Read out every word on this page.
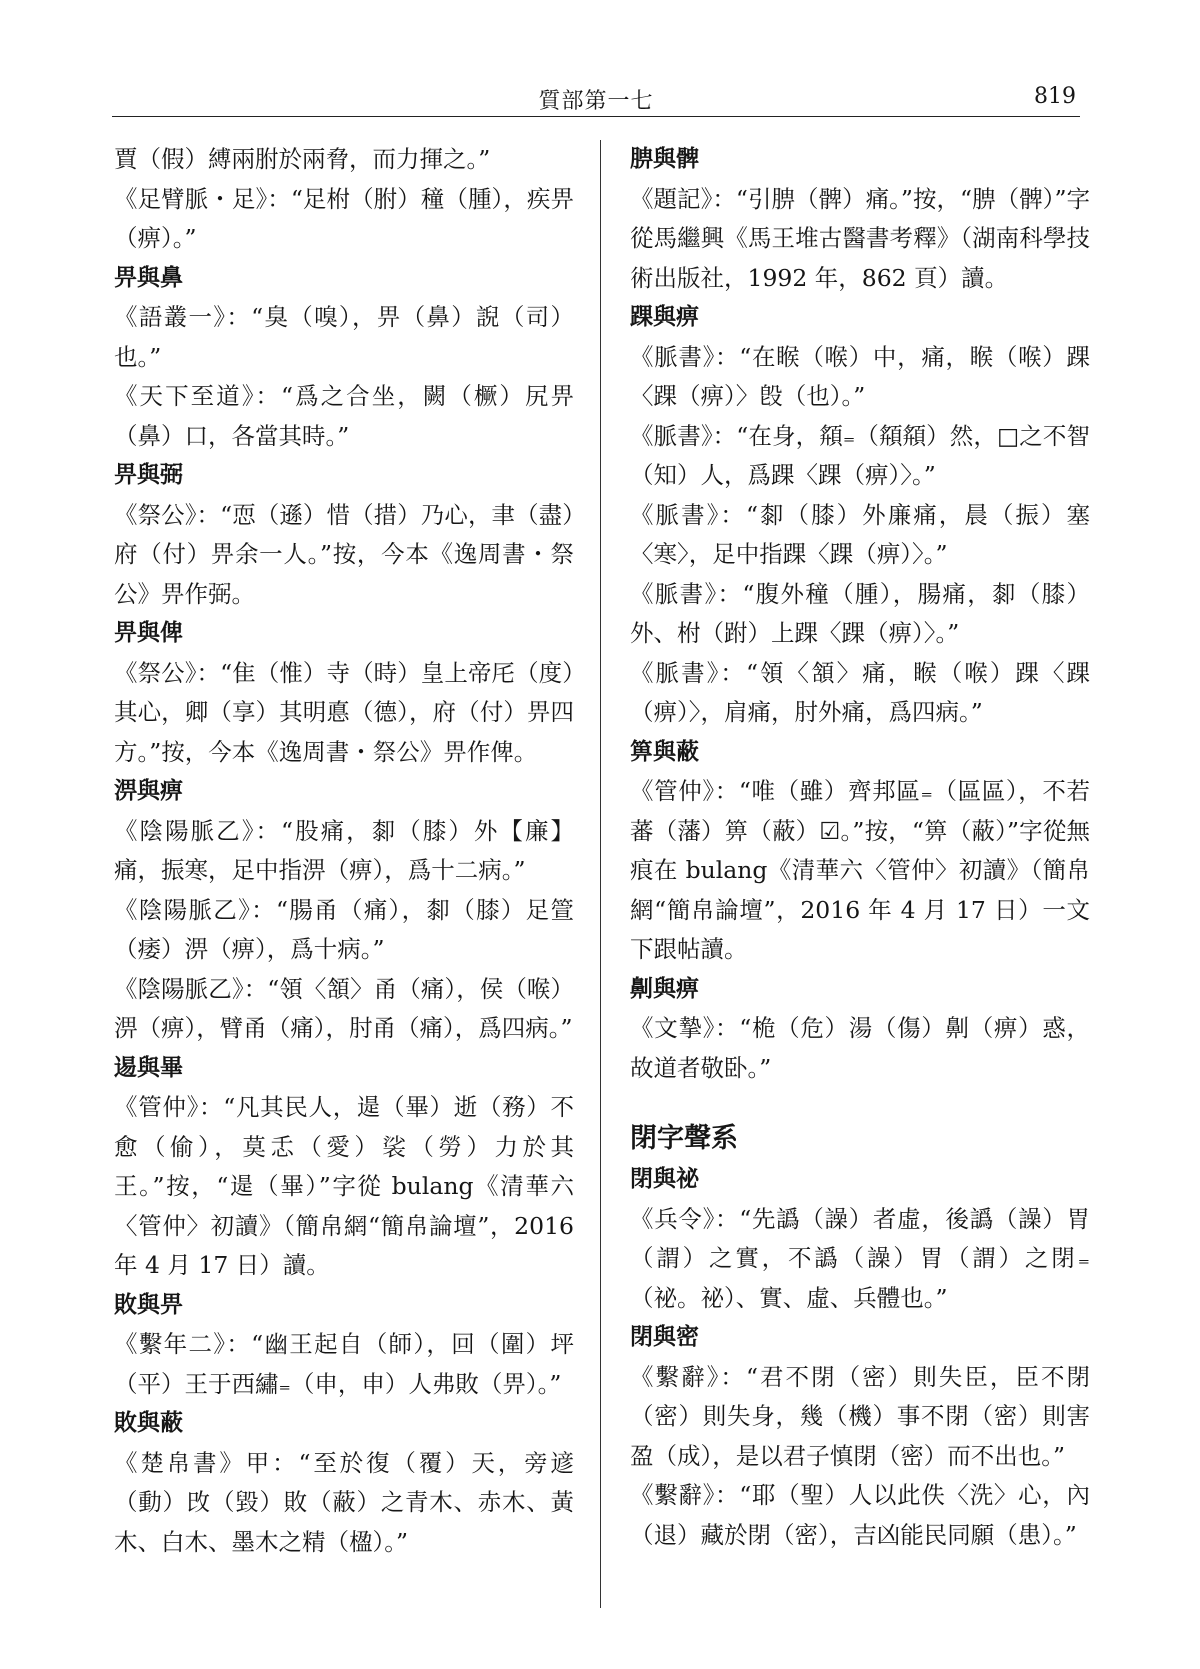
質部第一七	819

賈（假）縛兩胕於兩脅，而力揮之。”

《足臂脈・足》：“足柎（胕）穜（腫），疾畀（痹）。”

畀與鼻

《語叢一》：“臭（嗅），畀（鼻）誽（司）也。”

《天下至道》：“爲之合坐，闕（橛）尻畀（鼻）口，各當其時。”

畀與弼

《祭公》：“恧（遜）惜（措）乃心，聿（盡）府（付）畀余一人。”按，今本《逸周書・祭公》畀作弼。

畀與俾

《祭公》：“隹（惟）寺（時）皇上帝厇（度）其心，卿（享）其明悳（德），府（付）畀四方。”按，今本《逸周書・祭公》畀作俾。

淠與痹

《陰陽脈乙》：“股痛，厀（膝）外【廉】痛，振寒，足中指淠（痹），爲十二病。”

《陰陽脈乙》：“腸甬（痛），厀（膝）足箮（痿）淠（痹），爲十病。”

《陰陽脈乙》：“領〈頷〉甬（痛），侯（喉）淠（痹），臂甬（痛），肘甬（痛），爲四病。”

逷與畢

《管仲》：“凡其民人，遈（畢）逝（務）不愈（偷），莫忎（愛）裟（勞）力於其王。”按，“遈（畢）”字從 bulang《清華六〈管仲〉初讀》（簡帛網“簡帛論壇”，2016 年 4 月 17 日）讀。

敗與畀

《繫年二》：“幽王起自（師），回（圍）坪（平）王于西繡₌（申，申）人弗敗（畀）。”

敗與蔽

《楚帛書》甲：“至於復（覆）天，旁遃（動）攺（毀）敗（蔽）之青木、赤木、黃木、白木、墨木之精（楹）。”

腗與髀

《題記》：“引腗（髀）痛。”按，“腗（髀）”字從馬繼興《馬王堆古醫書考釋》（湖南科學技術出版社，1992 年，862 頁）讀。

踝與痹

《脈書》：“在睺（喉）中，痛，睺（喉）踝〈踝（痹）〉𣪘（也）。”

《脈書》：“在身，頯₌（頯頯）然，□之不智（知）人，爲踝〈踝（痹）〉。”

《脈書》：“厀（膝）外廉痛，晨（振）塞〈寒〉，足中指踝〈踝（痹）〉。”

《脈書》：“腹外穜（腫），腸痛，厀（膝）外、柎（跗）上踝〈踝（痹）〉。”

《脈書》：“領〈頷〉痛，睺（喉）踝〈踝（痹）〉，肩痛，肘外痛，爲四病。”

箅與蔽

《管仲》：“唯（雖）齊邦區₌（區區），不若蕃（藩）箅（蔽）☑。”按，“箅（蔽）”字從無痕在 bulang《清華六〈管仲〉初讀》（簡帛網“簡帛論壇”，2016 年 4 月 17 日）一文下跟帖讀。

劓與痹

《文摯》：“桅（危）湯（傷）劓（痹）惑，故道者敬卧。”

閉字聲系

閉與祕

《兵令》：“先譌（譟）者虛，後譌（譟）胃（謂）之實，不譌（譟）胃（謂）之閉₌（祕。祕）、實、虛、兵體也。”

閉與密

《繫辭》：“君不閉（密）則失臣，臣不閉（密）則失身，幾（機）事不閉（密）則害盈（成），是以君子慎閉（密）而不出也。”

《繫辭》：“耶（聖）人以此佚〈洗〉心，內（退）藏於閉（密），吉凶能民同願（患）。”
